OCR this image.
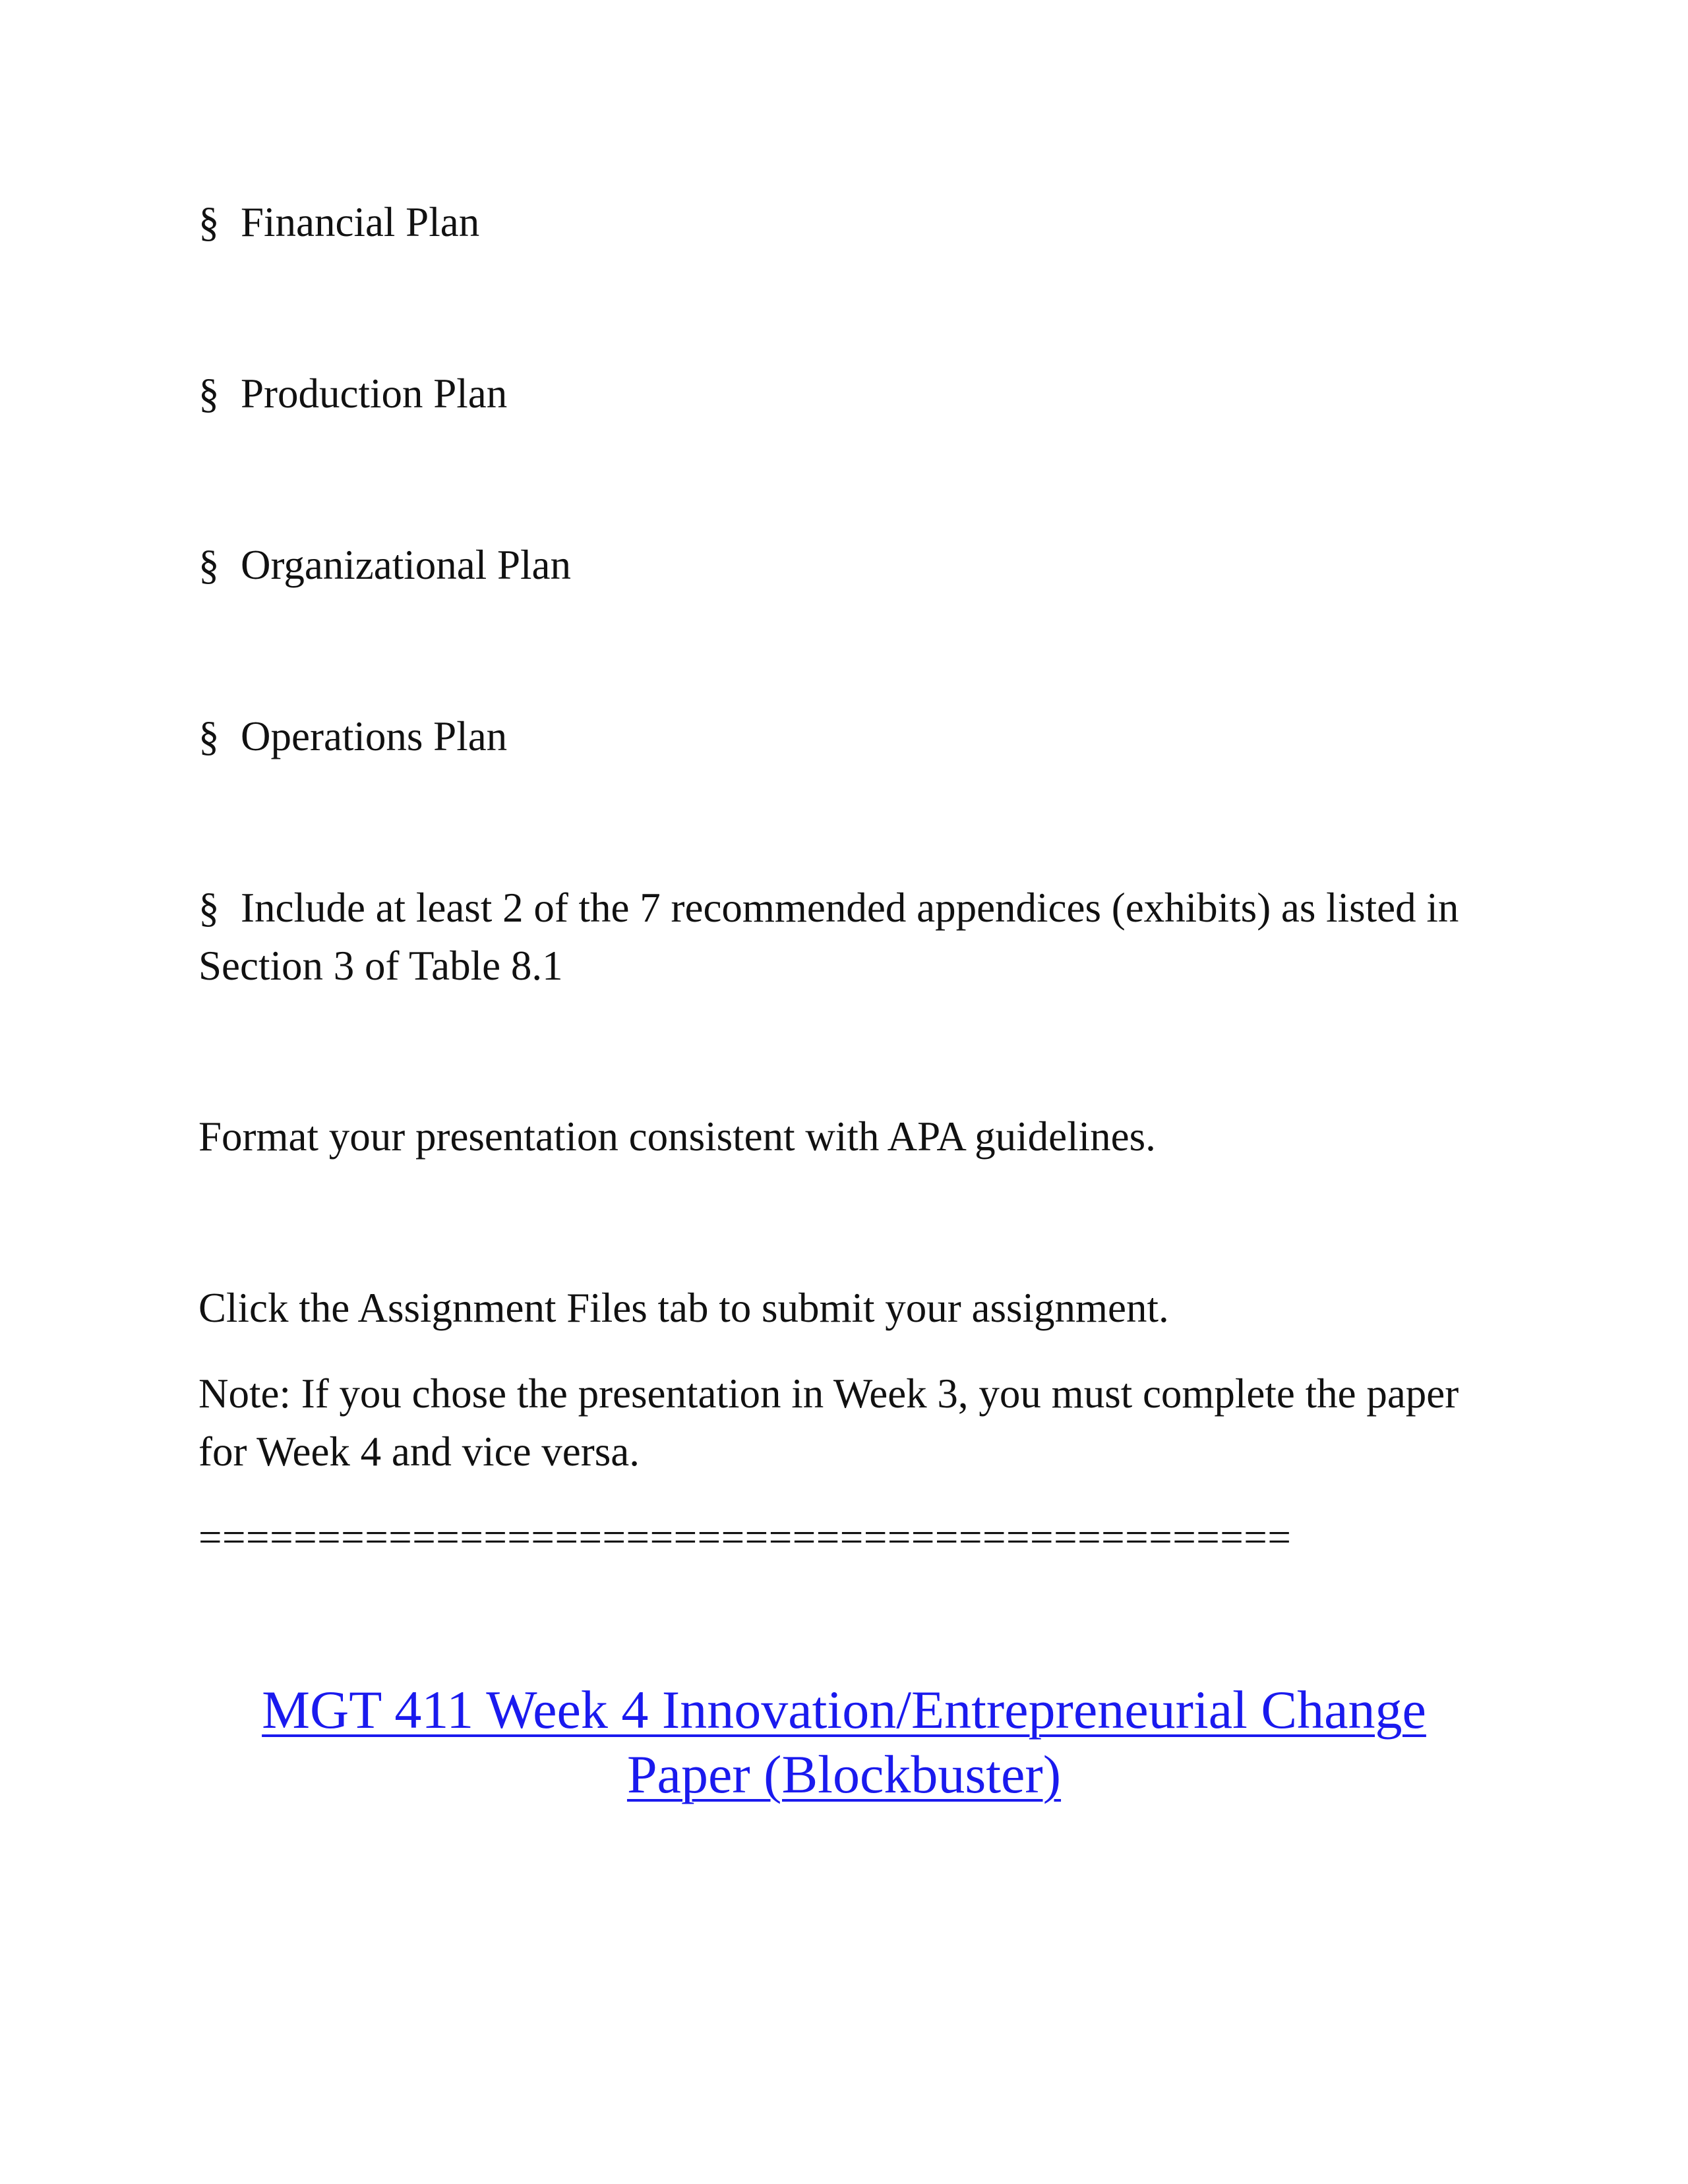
§ Financial Plan
§ Production Plan
§ Organizational Plan
§ Operations Plan
§ Include at least 2 of the 7 recommended appendices (exhibits) as listed in Section 3 of Table 8.1
Format your presentation consistent with APA guidelines.
Click the Assignment Files tab to submit your assignment.
Note: If you chose the presentation in Week 3, you must complete the paper for Week 4 and vice versa.
==============================================
MGT 411 Week 4 Innovation/Entrepreneurial Change Paper (Blockbuster)
